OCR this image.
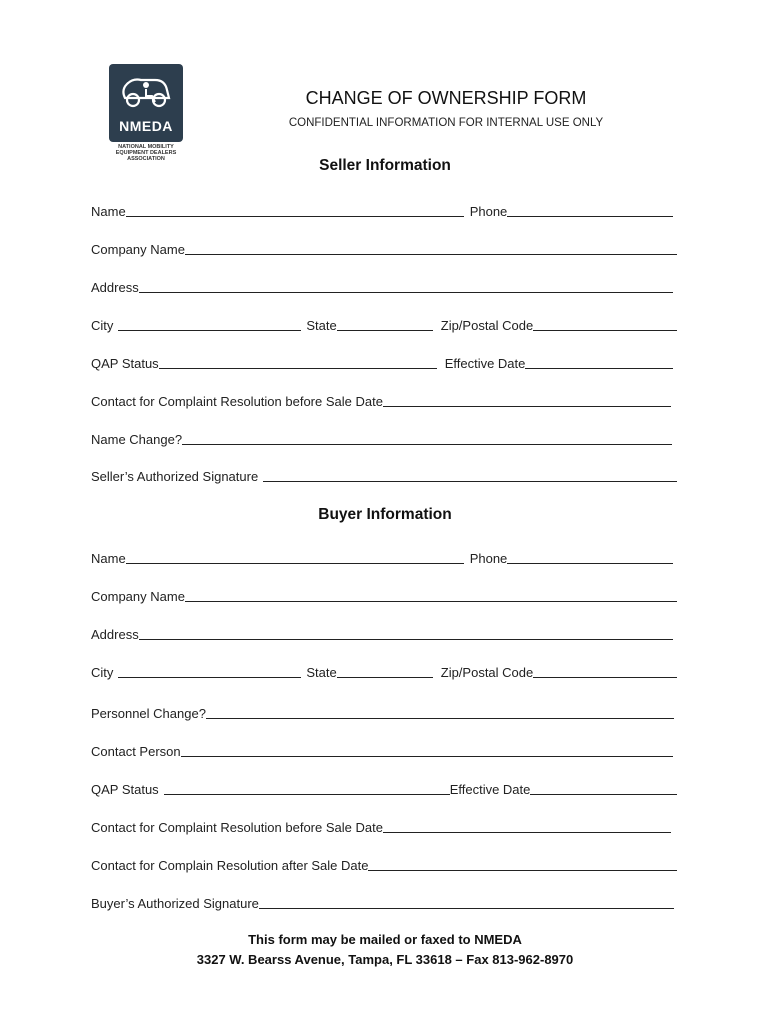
NMEDA
NATIONAL MOBILITY
EQUIPMENT DEALERS
ASSOCIATION
CHANGE OF OWNERSHIP FORM
CONFIDENTIAL INFORMATION FOR INTERNAL USE ONLY
Seller Information
Name	Phone
Company Name
Address
City	State	Zip/Postal Code
QAP Status	Effective Date
Contact for Complaint Resolution before Sale Date
Name Change?
Seller’s Authorized Signature
Buyer Information
Name	Phone
Company Name
Address
City	State	Zip/Postal Code
Personnel Change?
Contact Person
QAP Status	Effective Date
Contact for Complaint Resolution before Sale Date
Contact for Complain Resolution after Sale Date
Buyer’s Authorized Signature
This form may be mailed or faxed to NMEDA
3327 W. Bearss Avenue, Tampa, FL 33618 – Fax 813-962-8970
